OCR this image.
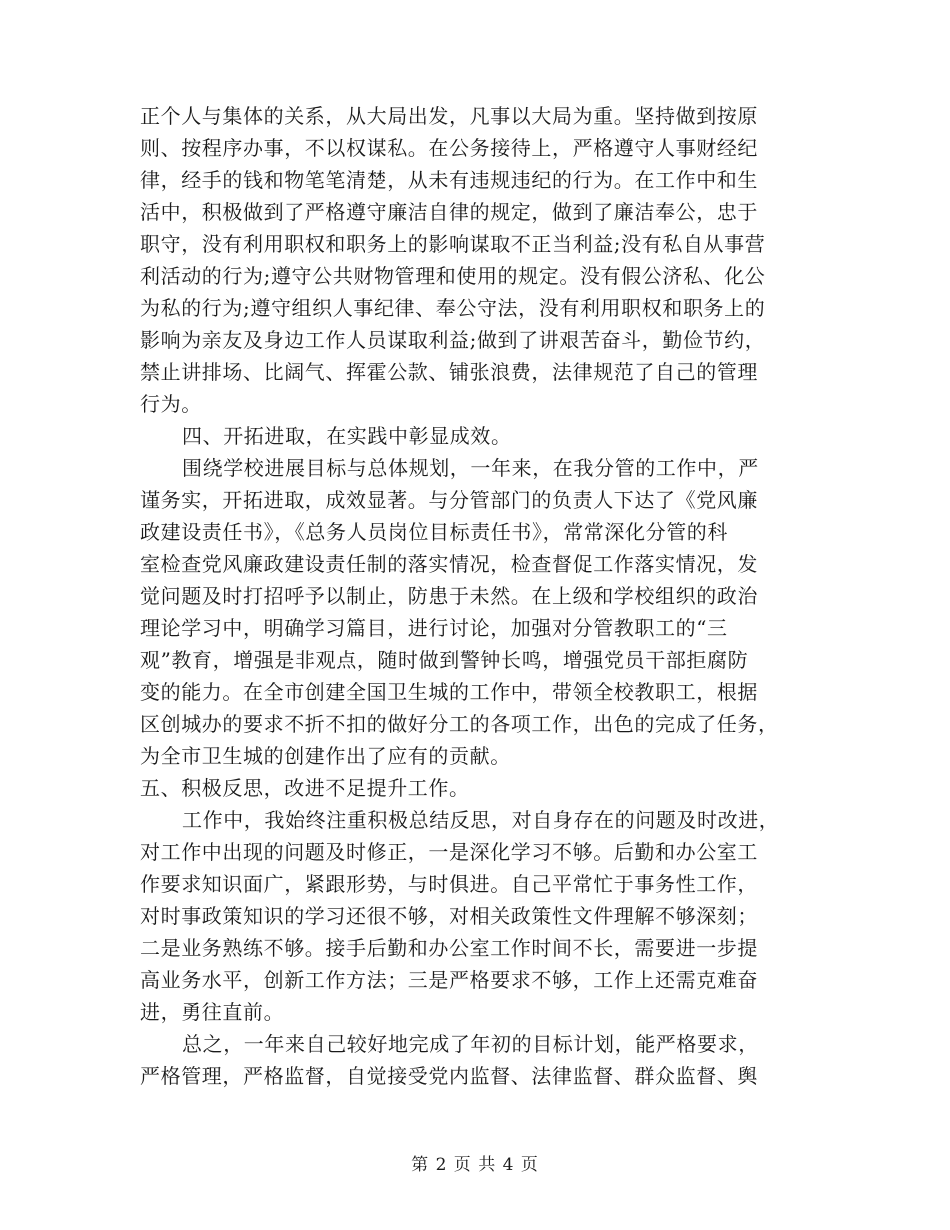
正个人与集体的关系，从大局出发，凡事以大局为重。坚持做到按原
则、按程序办事，不以权谋私。在公务接待上，严格遵守人事财经纪
律，经手的钱和物笔笔清楚，从未有违规违纪的行为。在工作中和生
活中，积极做到了严格遵守廉洁自律的规定，做到了廉洁奉公，忠于
职守，没有利用职权和职务上的影响谋取不正当利益;没有私自从事营
利活动的行为;遵守公共财物管理和使用的规定。没有假公济私、化公
为私的行为;遵守组织人事纪律、奉公守法，没有利用职权和职务上的
影响为亲友及身边工作人员谋取利益;做到了讲艰苦奋斗，勤俭节约，
禁止讲排场、比阔气、挥霍公款、铺张浪费，法律规范了自己的管理
行为。
四、开拓进取，在实践中彰显成效。
围绕学校进展目标与总体规划，一年来，在我分管的工作中，严
谨务实，开拓进取，成效显著。与分管部门的负责人下达了《党风廉
政建设责任书》，《总务人员岗位目标责任书》，常常深化分管的科
室检查党风廉政建设责任制的落实情况，检查督促工作落实情况，发
觉问题及时打招呼予以制止，防患于未然。在上级和学校组织的政治
理论学习中，明确学习篇目，进行讨论，加强对分管教职工的“三
观”教育，增强是非观点，随时做到警钟长鸣，增强党员干部拒腐防
变的能力。在全市创建全国卫生城的工作中，带领全校教职工，根据
区创城办的要求不折不扣的做好分工的各项工作，出色的完成了任务，
为全市卫生城的创建作出了应有的贡献。
五、积极反思，改进不足提升工作。
工作中，我始终注重积极总结反思，对自身存在的问题及时改进，
对工作中出现的问题及时修正，一是深化学习不够。后勤和办公室工
作要求知识面广，紧跟形势，与时俱进。自己平常忙于事务性工作，
对时事政策知识的学习还很不够，对相关政策性文件理解不够深刻；
二是业务熟练不够。接手后勤和办公室工作时间不长，需要进一步提
高业务水平，创新工作方法；三是严格要求不够，工作上还需克难奋
进，勇往直前。
总之，一年来自己较好地完成了年初的目标计划，能严格要求，
严格管理，严格监督，自觉接受党内监督、法律监督、群众监督、舆
第 2 页 共 4 页
